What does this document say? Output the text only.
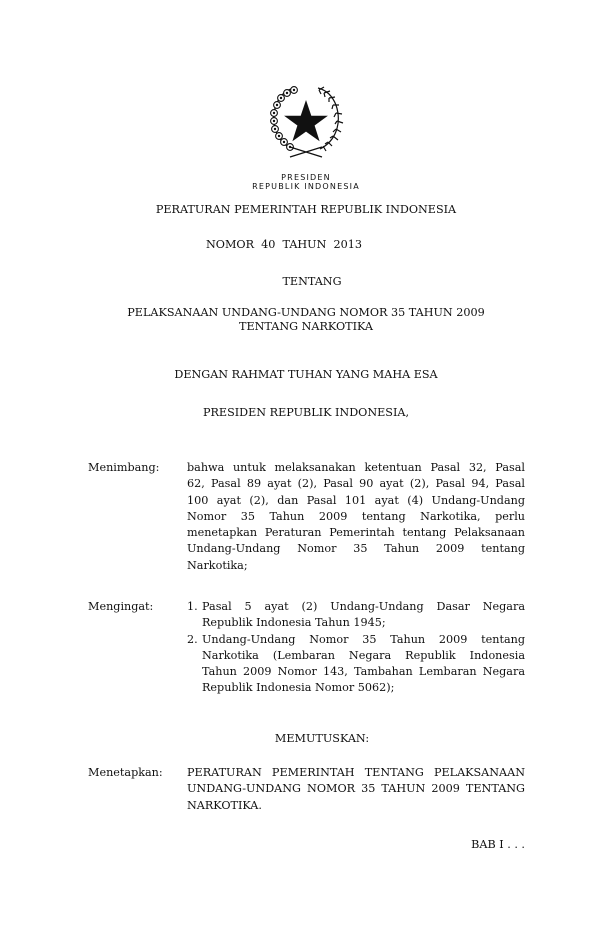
PRESIDEN
REPUBLIK INDONESIA
PERATURAN PEMERINTAH REPUBLIK INDONESIA
NOMOR  40  TAHUN  2013
TENTANG
PELAKSANAAN UNDANG-UNDANG NOMOR 35 TAHUN 2009
TENTANG NARKOTIKA
DENGAN RAHMAT TUHAN YANG MAHA ESA
PRESIDEN REPUBLIK INDONESIA,
Menimbang: bahwa untuk melaksanakan ketentuan Pasal 32, Pasal
62, Pasal 89 ayat (2), Pasal 90 ayat (2), Pasal 94, Pasal
100 ayat (2), dan Pasal 101 ayat (4) Undang-Undang
Nomor 35 Tahun 2009 tentang Narkotika, perlu
menetapkan Peraturan Pemerintah tentang Pelaksanaan
Undang-Undang Nomor 35 Tahun 2009 tentang
Narkotika;
Mengingat:	1. Pasal 5 ayat (2) Undang-Undang Dasar Negara
Republik Indonesia Tahun 1945;
2. Undang-Undang Nomor 35 Tahun 2009 tentang
Narkotika (Lembaran Negara Republik Indonesia
Tahun 2009 Nomor 143, Tambahan Lembaran Negara
Republik Indonesia Nomor 5062);
MEMUTUSKAN:
Menetapkan: PERATURAN PEMERINTAH TENTANG PELAKSANAAN
UNDANG-UNDANG NOMOR 35 TAHUN 2009 TENTANG
NARKOTIKA.
BAB I . . .
